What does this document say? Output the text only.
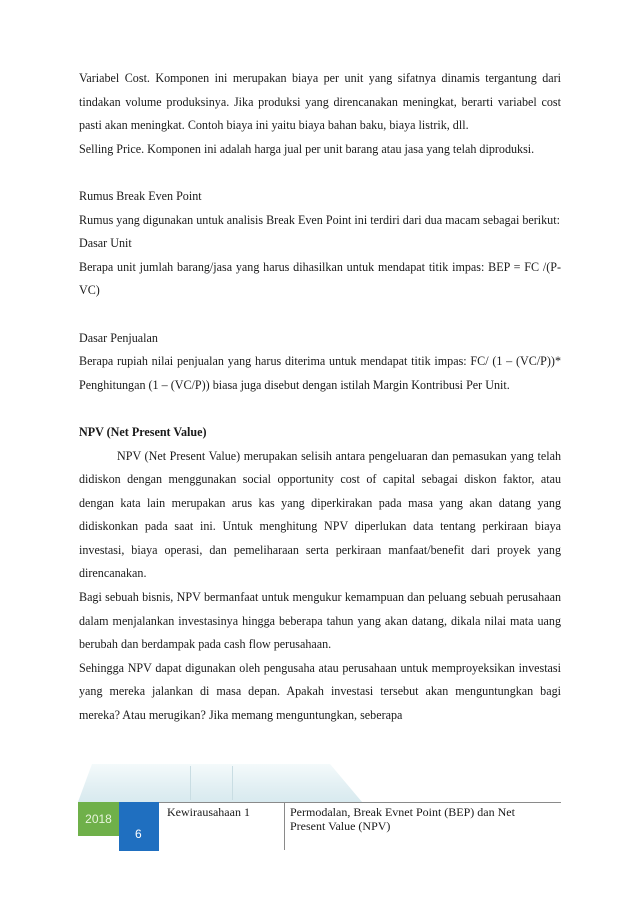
Variabel Cost. Komponen ini merupakan biaya per unit yang sifatnya dinamis tergantung dari tindakan volume produksinya. Jika produksi yang direncanakan meningkat, berarti variabel cost pasti akan meningkat. Contoh biaya ini yaitu biaya bahan baku, biaya listrik, dll.

Selling Price. Komponen ini adalah harga jual per unit barang atau jasa yang telah diproduksi.

Rumus Break Even Point

Rumus yang digunakan untuk analisis Break Even Point ini terdiri dari dua macam sebagai berikut:

Dasar Unit

Berapa unit jumlah barang/jasa yang harus dihasilkan untuk mendapat titik impas: BEP = FC /(P-VC)

Dasar Penjualan

Berapa rupiah nilai penjualan yang harus diterima untuk mendapat titik impas: FC/ (1 – (VC/P))* Penghitungan (1 – (VC/P)) biasa juga disebut dengan istilah Margin Kontribusi Per Unit.

NPV (Net Present Value)

NPV (Net Present Value) merupakan selisih antara pengeluaran dan pemasukan yang telah didiskon dengan menggunakan social opportunity cost of capital sebagai diskon faktor, atau dengan kata lain merupakan arus kas yang diperkirakan pada masa yang akan datang yang didiskonkan pada saat ini. Untuk menghitung NPV diperlukan data tentang perkiraan biaya investasi, biaya operasi, dan pemeliharaan serta perkiraan manfaat/benefit dari proyek yang direncanakan.

Bagi sebuah bisnis, NPV bermanfaat untuk mengukur kemampuan dan peluang sebuah perusahaan dalam menjalankan investasinya hingga beberapa tahun yang akan datang, dikala nilai mata uang berubah dan berdampak pada cash flow perusahaan.

Sehingga NPV dapat digunakan oleh pengusaha atau perusahaan untuk memproyeksikan investasi yang mereka jalankan di masa depan. Apakah investasi tersebut akan menguntungkan bagi mereka? Atau merugikan? Jika memang menguntungkan, seberapa

2018
6
Kewirausahaan 1	Permodalan, Break Evnet Point (BEP) dan Net Present Value (NPV)
